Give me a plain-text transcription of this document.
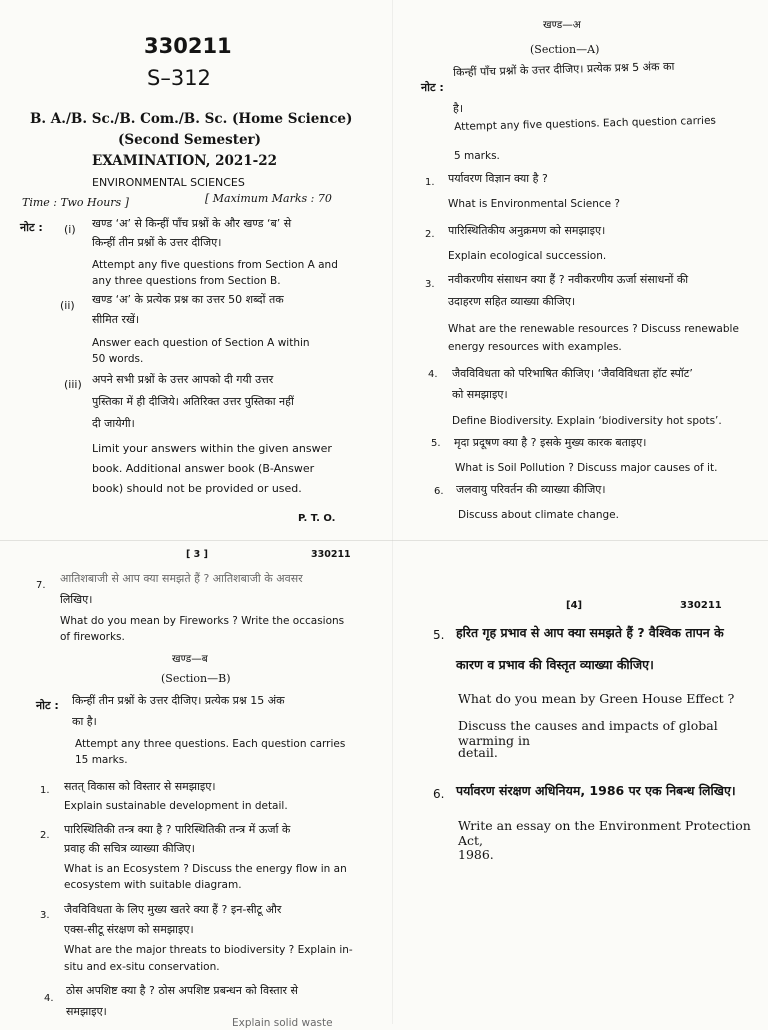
330211
S–312
B. A./B. Sc./B. Com./B. Sc. (Home Science)
(Second Semester)
EXAMINATION, 2021-22
ENVIRONMENTAL SCIENCES
Time : Two Hours ]	[ Maximum Marks : 70
नोट : (i) खण्ड ‘अ’ से किन्हीं पाँच प्रश्नों के और खण्ड ‘ब’ से
किन्हीं तीन प्रश्नों के उत्तर दीजिए।
Attempt any five questions from Section A and
any three questions from Section B.
(ii) खण्ड ‘अ’ के प्रत्येक प्रश्न का उत्तर 50 शब्दों तक
सीमित रखें।
Answer each question of Section A within
50 words.
(iii) अपने सभी प्रश्नों के उत्तर आपको दी गयी उत्तर
पुस्तिका में ही दीजिये। अतिरिक्त उत्तर पुस्तिका नहीं
दी जायेगी।
Limit your answers within the given answer
book. Additional answer book (B-Answer
book) should not be provided or used.
P. T. O.
खण्ड—अ
(Section—A)
नोट :
किन्हीं पाँच प्रश्नों के उत्तर दीजिए। प्रत्येक प्रश्न 5 अंक का
है।
Attempt any five questions. Each question carries
5 marks.
1. पर्यावरण विज्ञान क्या है ?
What is Environmental Science ?
2. पारिस्थितिकीय अनुक्रमण को समझाइए।
Explain ecological succession.
3. नवीकरणीय संसाधन क्या हैं ? नवीकरणीय ऊर्जा संसाधनों की
उदाहरण सहित व्याख्या कीजिए।
What are the renewable resources ? Discuss renewable
energy resources with examples.
4. जैवविविधता को परिभाषित कीजिए। ‘जैवविविधता हॉट स्पॉट’
को समझाइए।
Define Biodiversity. Explain ‘biodiversity hot spots’.
5. मृदा प्रदूषण क्या है ? इसके मुख्य कारक बताइए।
What is Soil Pollution ? Discuss major causes of it.
6. जलवायु परिवर्तन की व्याख्या कीजिए।
Discuss about climate change.
[ 3 ]	330211
7.
आतिशबाजी से आप क्या समझते हैं ? आतिशबाजी के अवसर
लिखिए।
What do you mean by Fireworks ? Write the occasions
of fireworks.
खण्ड—ब
(Section—B)
नोट : किन्हीं तीन प्रश्नों के उत्तर दीजिए। प्रत्येक प्रश्न 15 अंक
का है।
Attempt any three questions. Each question carries
15 marks.
1. सतत् विकास को विस्तार से समझाइए।
Explain sustainable development in detail.
2. पारिस्थितिकी तन्त्र क्या है ? पारिस्थितिकी तन्त्र में ऊर्जा के
प्रवाह की सचित्र व्याख्या कीजिए।
What is an Ecosystem ? Discuss the energy flow in an
ecosystem with suitable diagram.
3. जैवविविधता के लिए मुख्य खतरे क्या हैं ? इन-सीटू और
एक्स-सीटू संरक्षण को समझाइए।
What are the major threats to biodiversity ? Explain in-
situ and ex-situ conservation.
4.
ठोस अपशिष्ट क्या है ? ठोस अपशिष्ट प्रबन्धन को विस्तार से
समझाइए।
Explain solid waste
[4]	330211
5. हरित गृह प्रभाव से आप क्या समझते हैं ? वैश्विक तापन के
कारण व प्रभाव की विस्तृत व्याख्या कीजिए।
What do you mean by Green House Effect ?
Discuss the causes and impacts of global warming in
detail.
6. पर्यावरण संरक्षण अधिनियम, 1986 पर एक निबन्ध लिखिए।
Write an essay on the Environment Protection Act,
1986.
